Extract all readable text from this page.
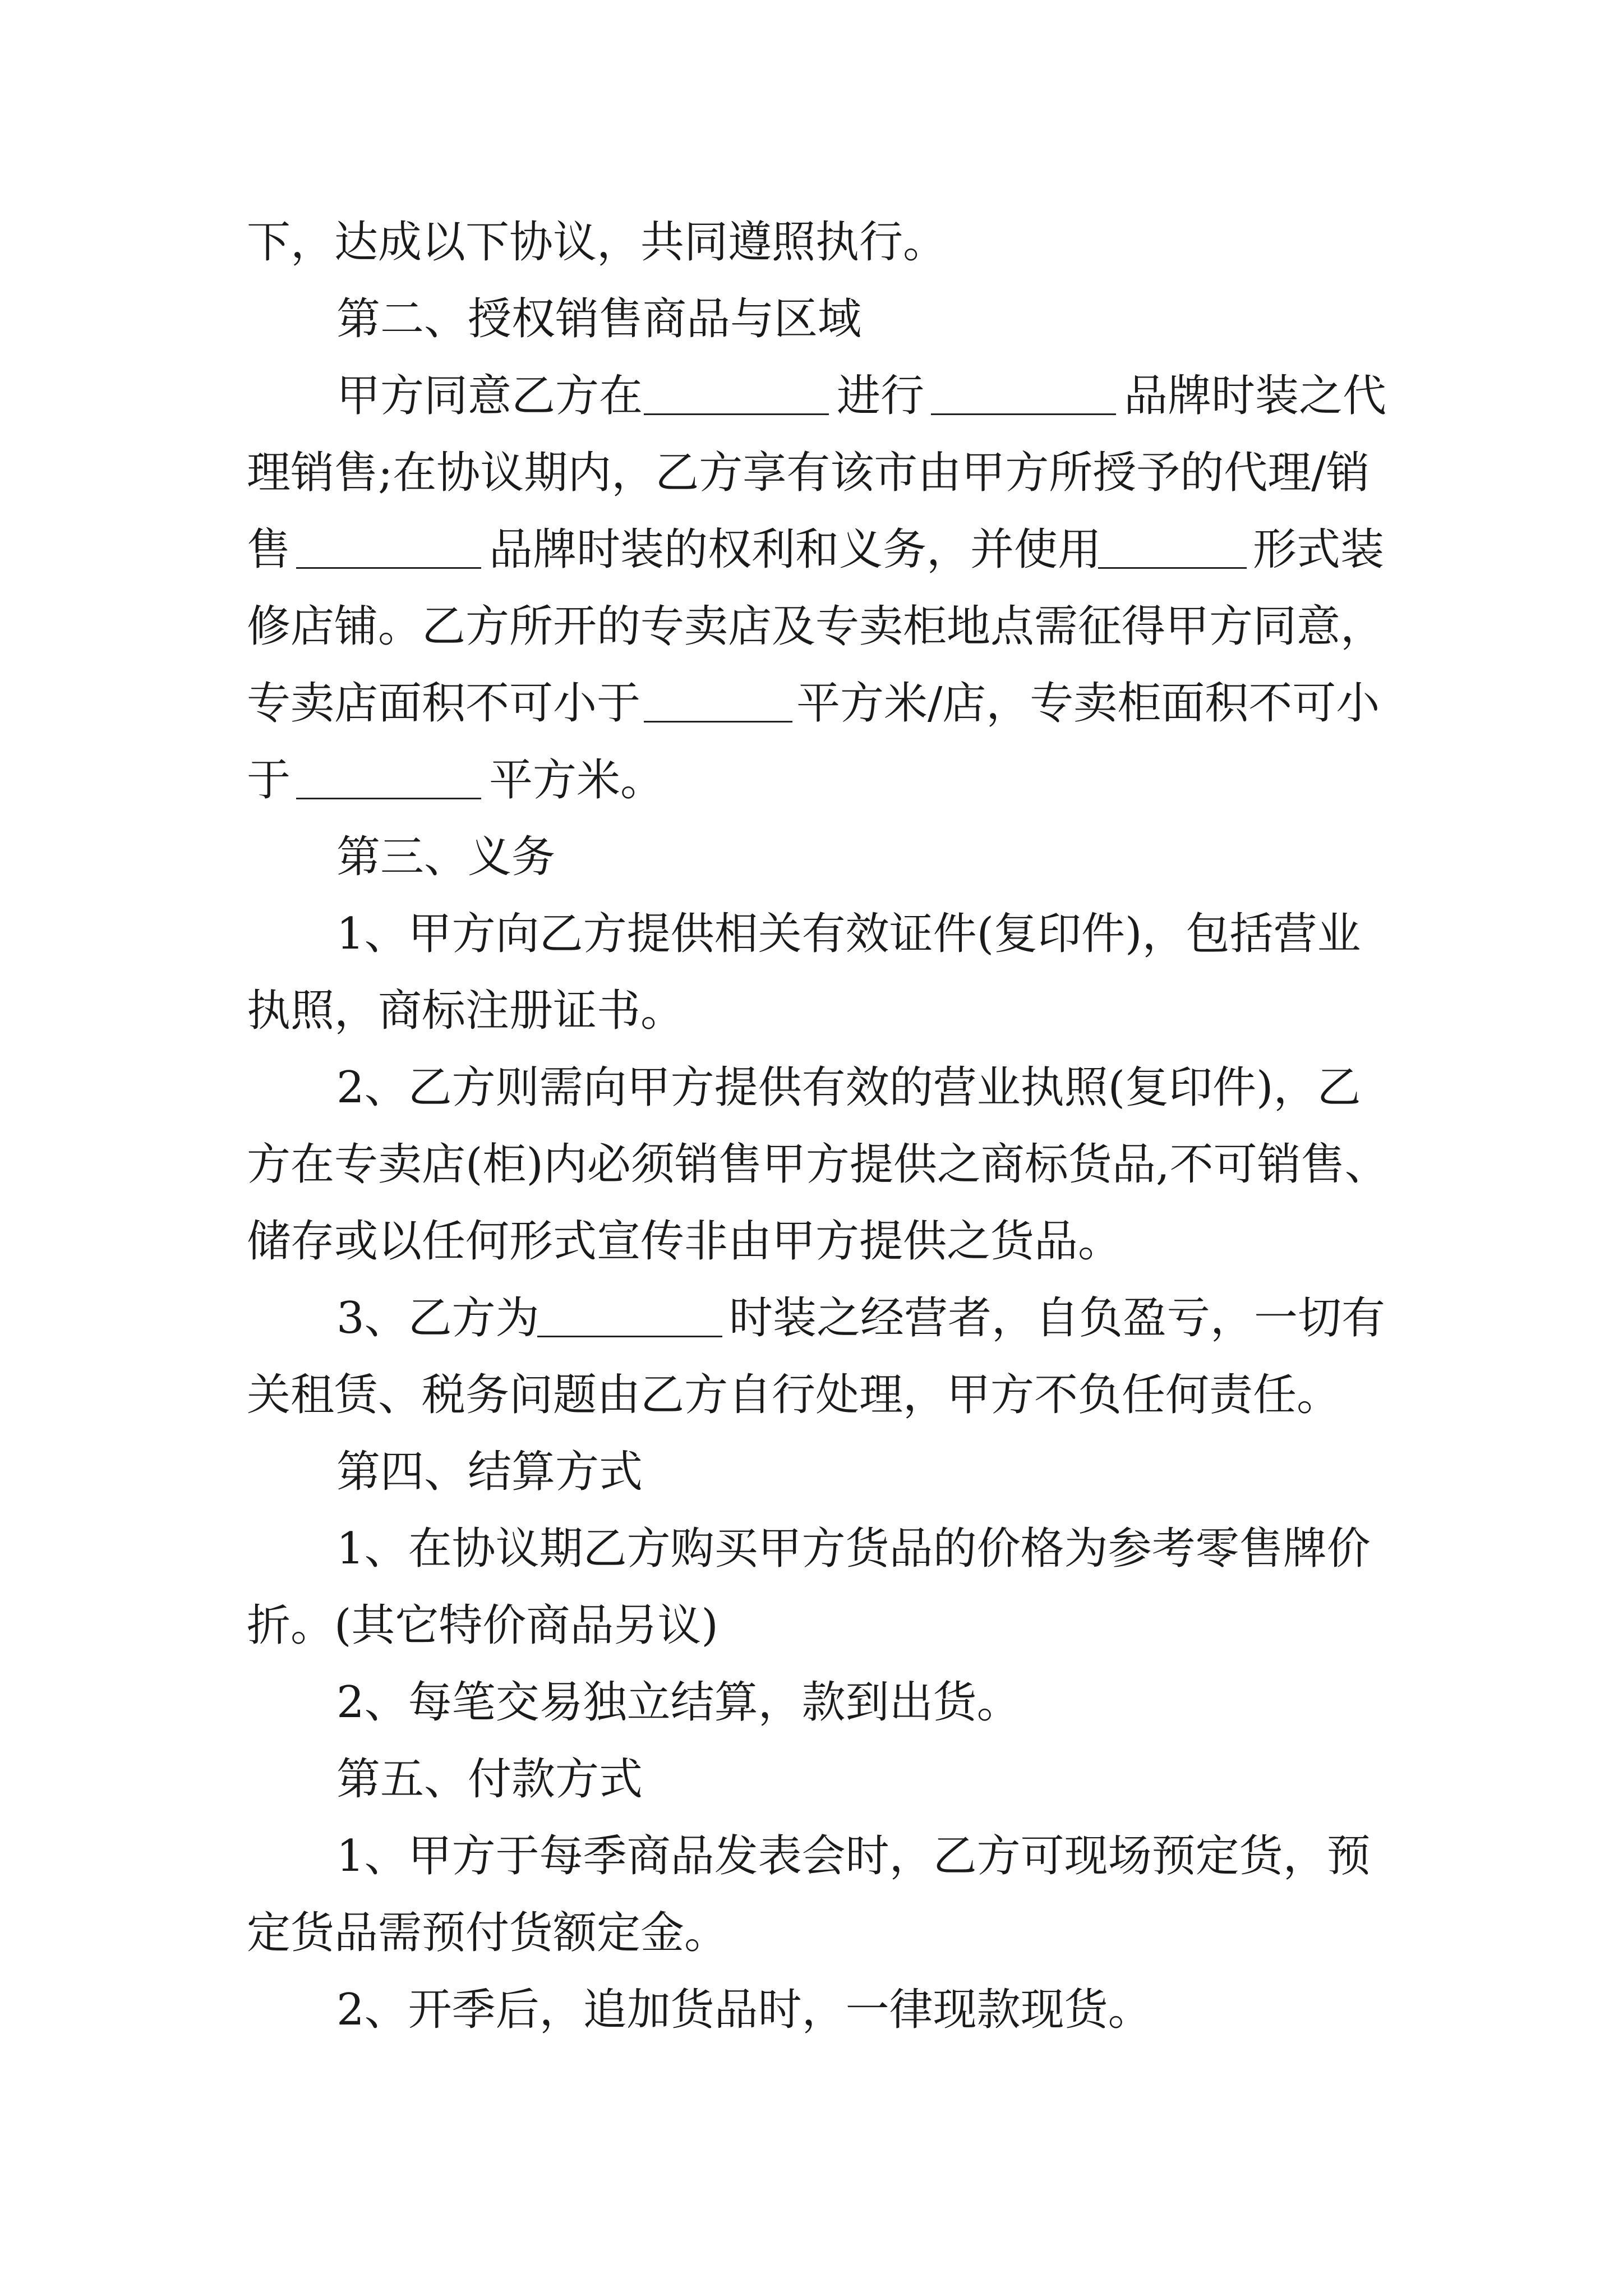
下，达成以下协议，共同遵照执行。
第二、授权销售商品与区域
甲方同意乙方在	进行	品牌时装之代
理销售;在协议期内，乙方享有该市由甲方所授予的代理/销
售	品牌时装的权利和义务，并使用	形式装
修店铺。乙方所开的专卖店及专卖柜地点需征得甲方同意，
专卖店面积不可小于	平方米/店，专卖柜面积不可小
于	平方米。
第三、义务
1、甲方向乙方提供相关有效证件(复印件)，包括营业
执照，商标注册证书。
2、乙方则需向甲方提供有效的营业执照(复印件)，乙
方在专卖店(柜)内必须销售甲方提供之商标货品,不可销售、
储存或以任何形式宣传非由甲方提供之货品。
3、乙方为	时装之经营者，自负盈亏，一切有
关租赁、税务问题由乙方自行处理，甲方不负任何责任。
第四、结算方式
1、在协议期乙方购买甲方货品的价格为参考零售牌价
折。(其它特价商品另议)
2、每笔交易独立结算，款到出货。
第五、付款方式
1、甲方于每季商品发表会时，乙方可现场预定货，预
定货品需预付货额定金。
2、开季后，追加货品时，一律现款现货。
